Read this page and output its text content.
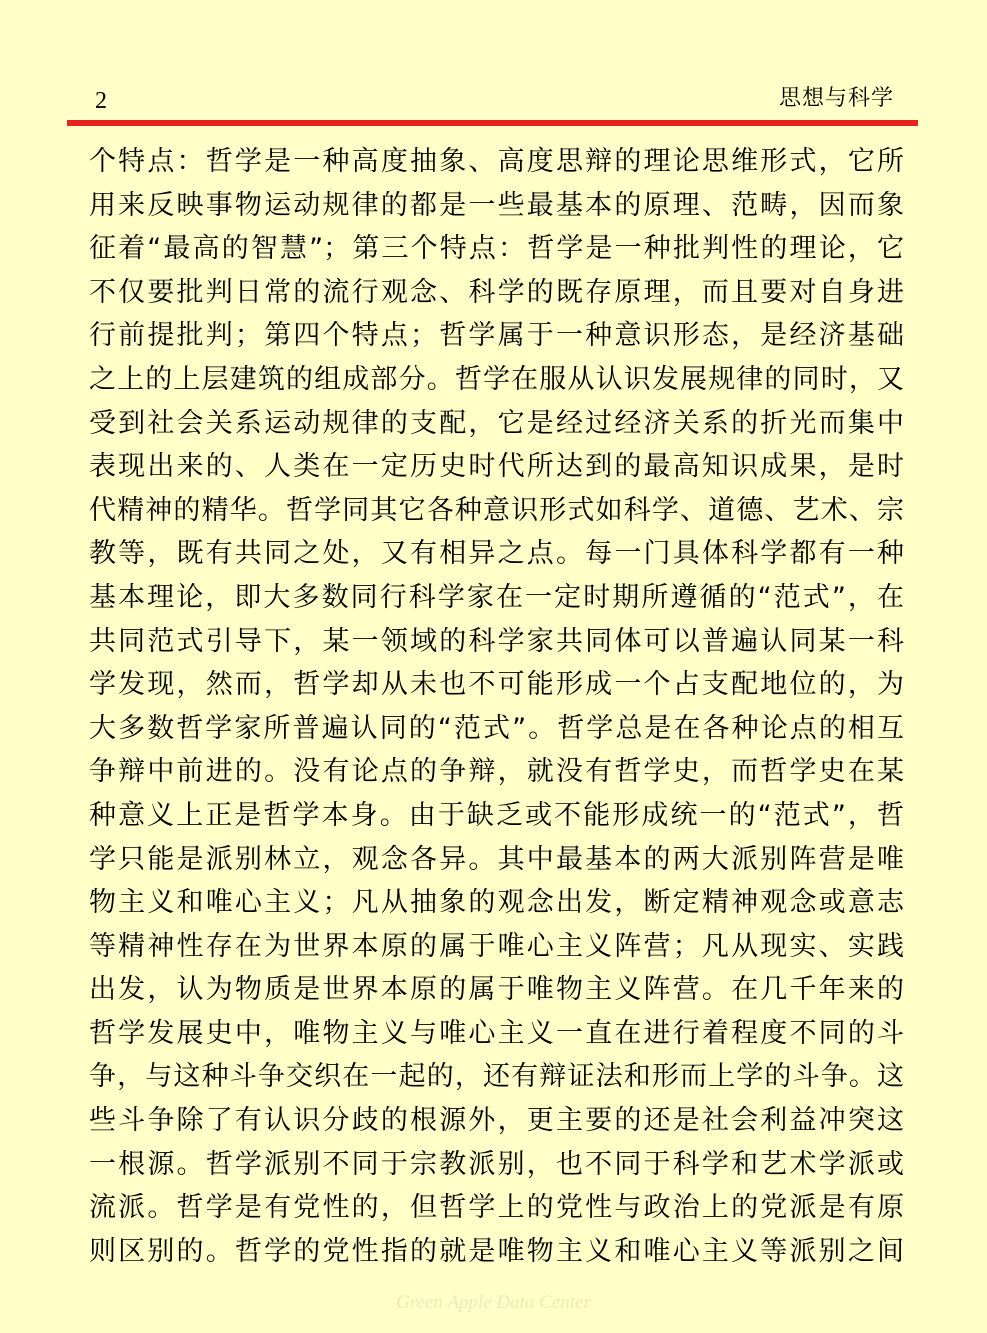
2	思想与科学
个特点：哲学是一种高度抽象、高度思辩的理论思维形式，它所
用来反映事物运动规律的都是一些最基本的原理、范畴，因而象
征着“最高的智慧”；第三个特点：哲学是一种批判性的理论，它
不仅要批判日常的流行观念、科学的既存原理，而且要对自身进
行前提批判；第四个特点；哲学属于一种意识形态，是经济基础
之上的上层建筑的组成部分。哲学在服从认识发展规律的同时，又
受到社会关系运动规律的支配，它是经过经济关系的折光而集中
表现出来的、人类在一定历史时代所达到的最高知识成果，是时
代精神的精华。哲学同其它各种意识形式如科学、道德、艺术、宗
教等，既有共同之处，又有相异之点。每一门具体科学都有一种
基本理论，即大多数同行科学家在一定时期所遵循的“范式”，在
共同范式引导下，某一领域的科学家共同体可以普遍认同某一科
学发现，然而，哲学却从未也不可能形成一个占支配地位的，为
大多数哲学家所普遍认同的“范式”。哲学总是在各种论点的相互
争辩中前进的。没有论点的争辩，就没有哲学史，而哲学史在某
种意义上正是哲学本身。由于缺乏或不能形成统一的“范式”，哲
学只能是派别林立，观念各异。其中最基本的两大派别阵营是唯
物主义和唯心主义；凡从抽象的观念出发，断定精神观念或意志
等精神性存在为世界本原的属于唯心主义阵营；凡从现实、实践
出发，认为物质是世界本原的属于唯物主义阵营。在几千年来的
哲学发展史中，唯物主义与唯心主义一直在进行着程度不同的斗
争，与这种斗争交织在一起的，还有辩证法和形而上学的斗争。这
些斗争除了有认识分歧的根源外，更主要的还是社会利益冲突这
一根源。哲学派别不同于宗教派别，也不同于科学和艺术学派或
流派。哲学是有党性的，但哲学上的党性与政治上的党派是有原
则区别的。哲学的党性指的就是唯物主义和唯心主义等派别之间
Green Apple Data Center
